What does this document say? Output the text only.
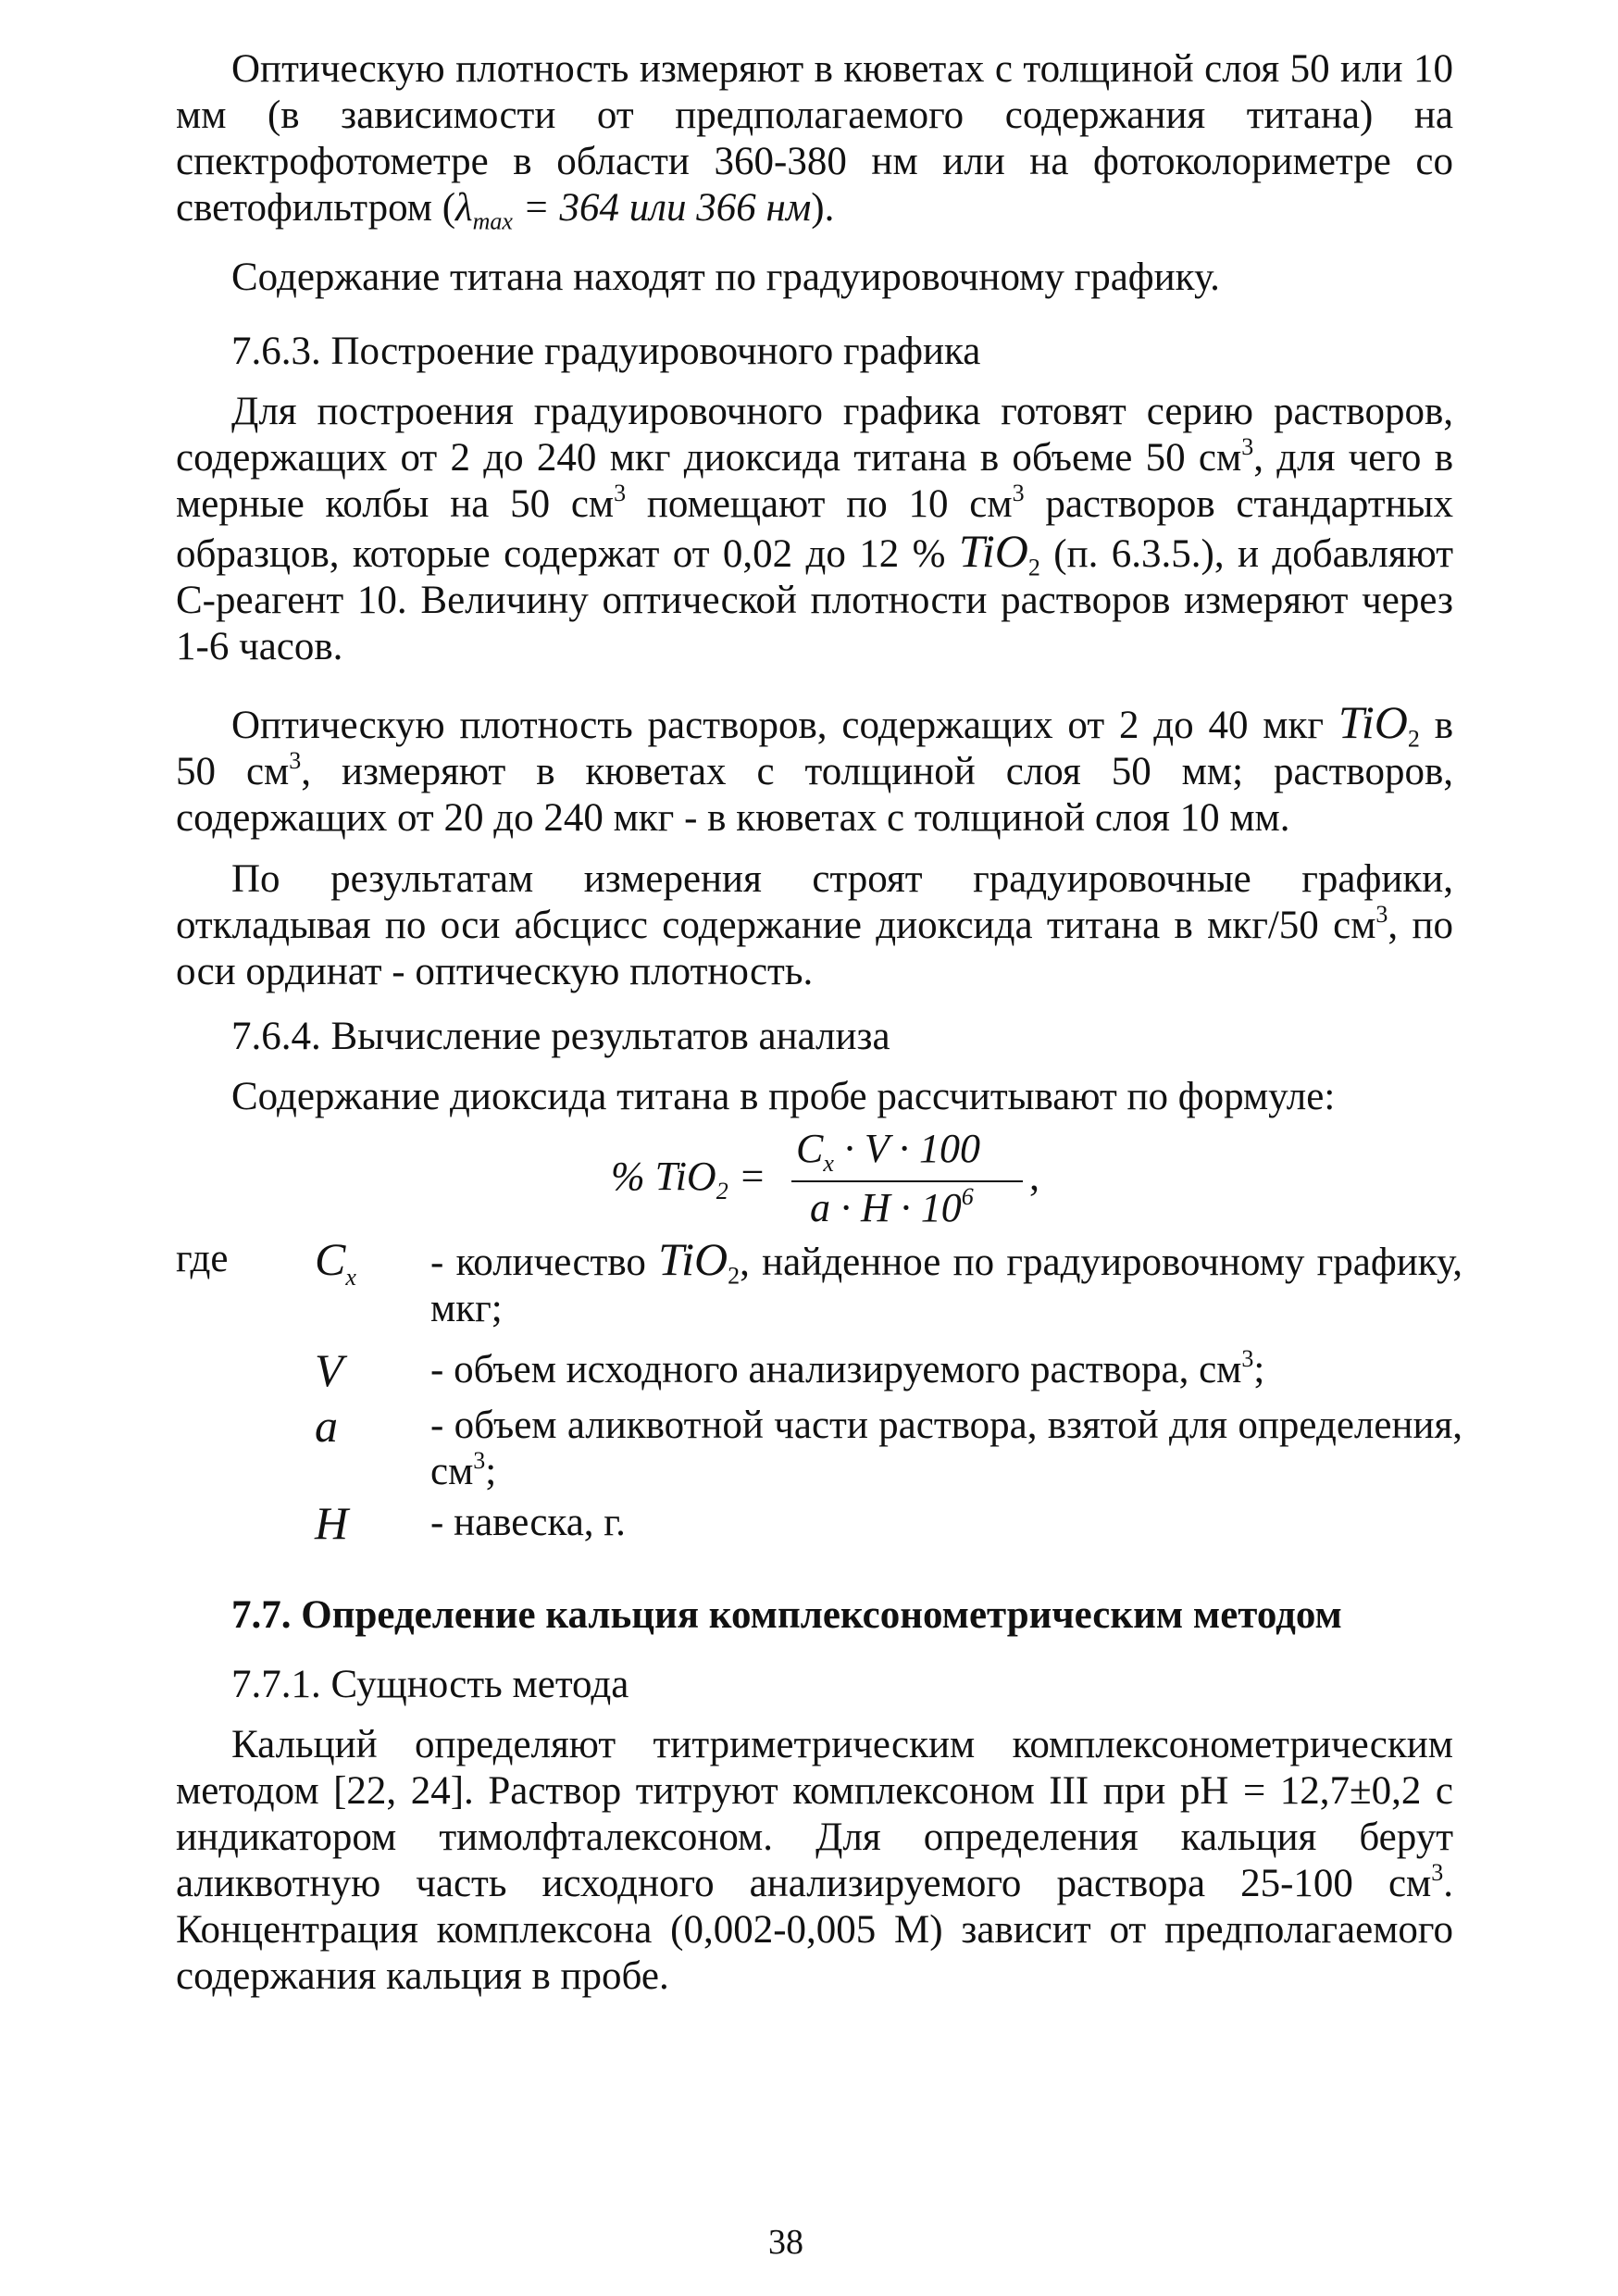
Оптическую плотность измеряют в кюветах с толщиной слоя 50 или 10 мм (в зависимости от предполагаемого содержания титана) на спектрофотометре в области 360-380 нм или на фотоколориметре со светофильтром ($\lambda_{max} = 364$ или 366 нм).
Содержание титана находят по градуировочному графику.
7.6.3. Построение градуировочного графика
Для построения градуировочного графика готовят серию растворов, содержащих от 2 до 240 мкг диоксида титана в объеме 50 $см^3$, для чего в мерные колбы на 50 $см^3$ помещают по 10 $см^3$ растворов стандартных образцов, которые содержат от 0,02 до 12 % TiO$_2$ (п. 6.3.5.), и добавляют С-реагент 10. Величину оптической плотности растворов измеряют через 1-6 часов.
Оптическую плотность растворов, содержащих от 2 до 40 мкг TiO$_2$ в 50 $см^3$, измеряют в кюветах с толщиной слоя 50 мм; растворов, содержащих от 20 до 240 мкг - в кюветах с толщиной слоя 10 мм.
По результатам измерения строят градуировочные графики, откладывая по оси абсцисс содержание диоксида титана в мкг/50 $см^3$, по оси ординат - оптическую плотность.
7.6.4. Вычисление результатов анализа
Содержание диоксида титана в пробе рассчитывают по формуле:
% TiO$_2$ =
$C_x \cdot V \cdot 100$
$a \cdot H \cdot 10^6$ ,
где $C_x$ - количество TiO$_2$, найденное по градуировочному графику, мкг;
V - объем исходного анализируемого раствора, $см^3$;
a - объем аликвотной части раствора, взятой для определения, $см^3$;
H - навеска, г.
7.7. Определение кальция комплексонометрическим методом
7.7.1. Сущность метода
Кальций определяют титриметрическим комплексонометрическим методом [22, 24]. Раствор титруют комплексоном III при pH = 12,7±0,2 с индикатором тимолфталексоном. Для определения кальция берут аликвотную часть исходного анализируемого раствора 25-100 $см^3$. Концентрация комплексона (0,002-0,005 М) зависит от предполагаемого содержания кальция в пробе.
38
